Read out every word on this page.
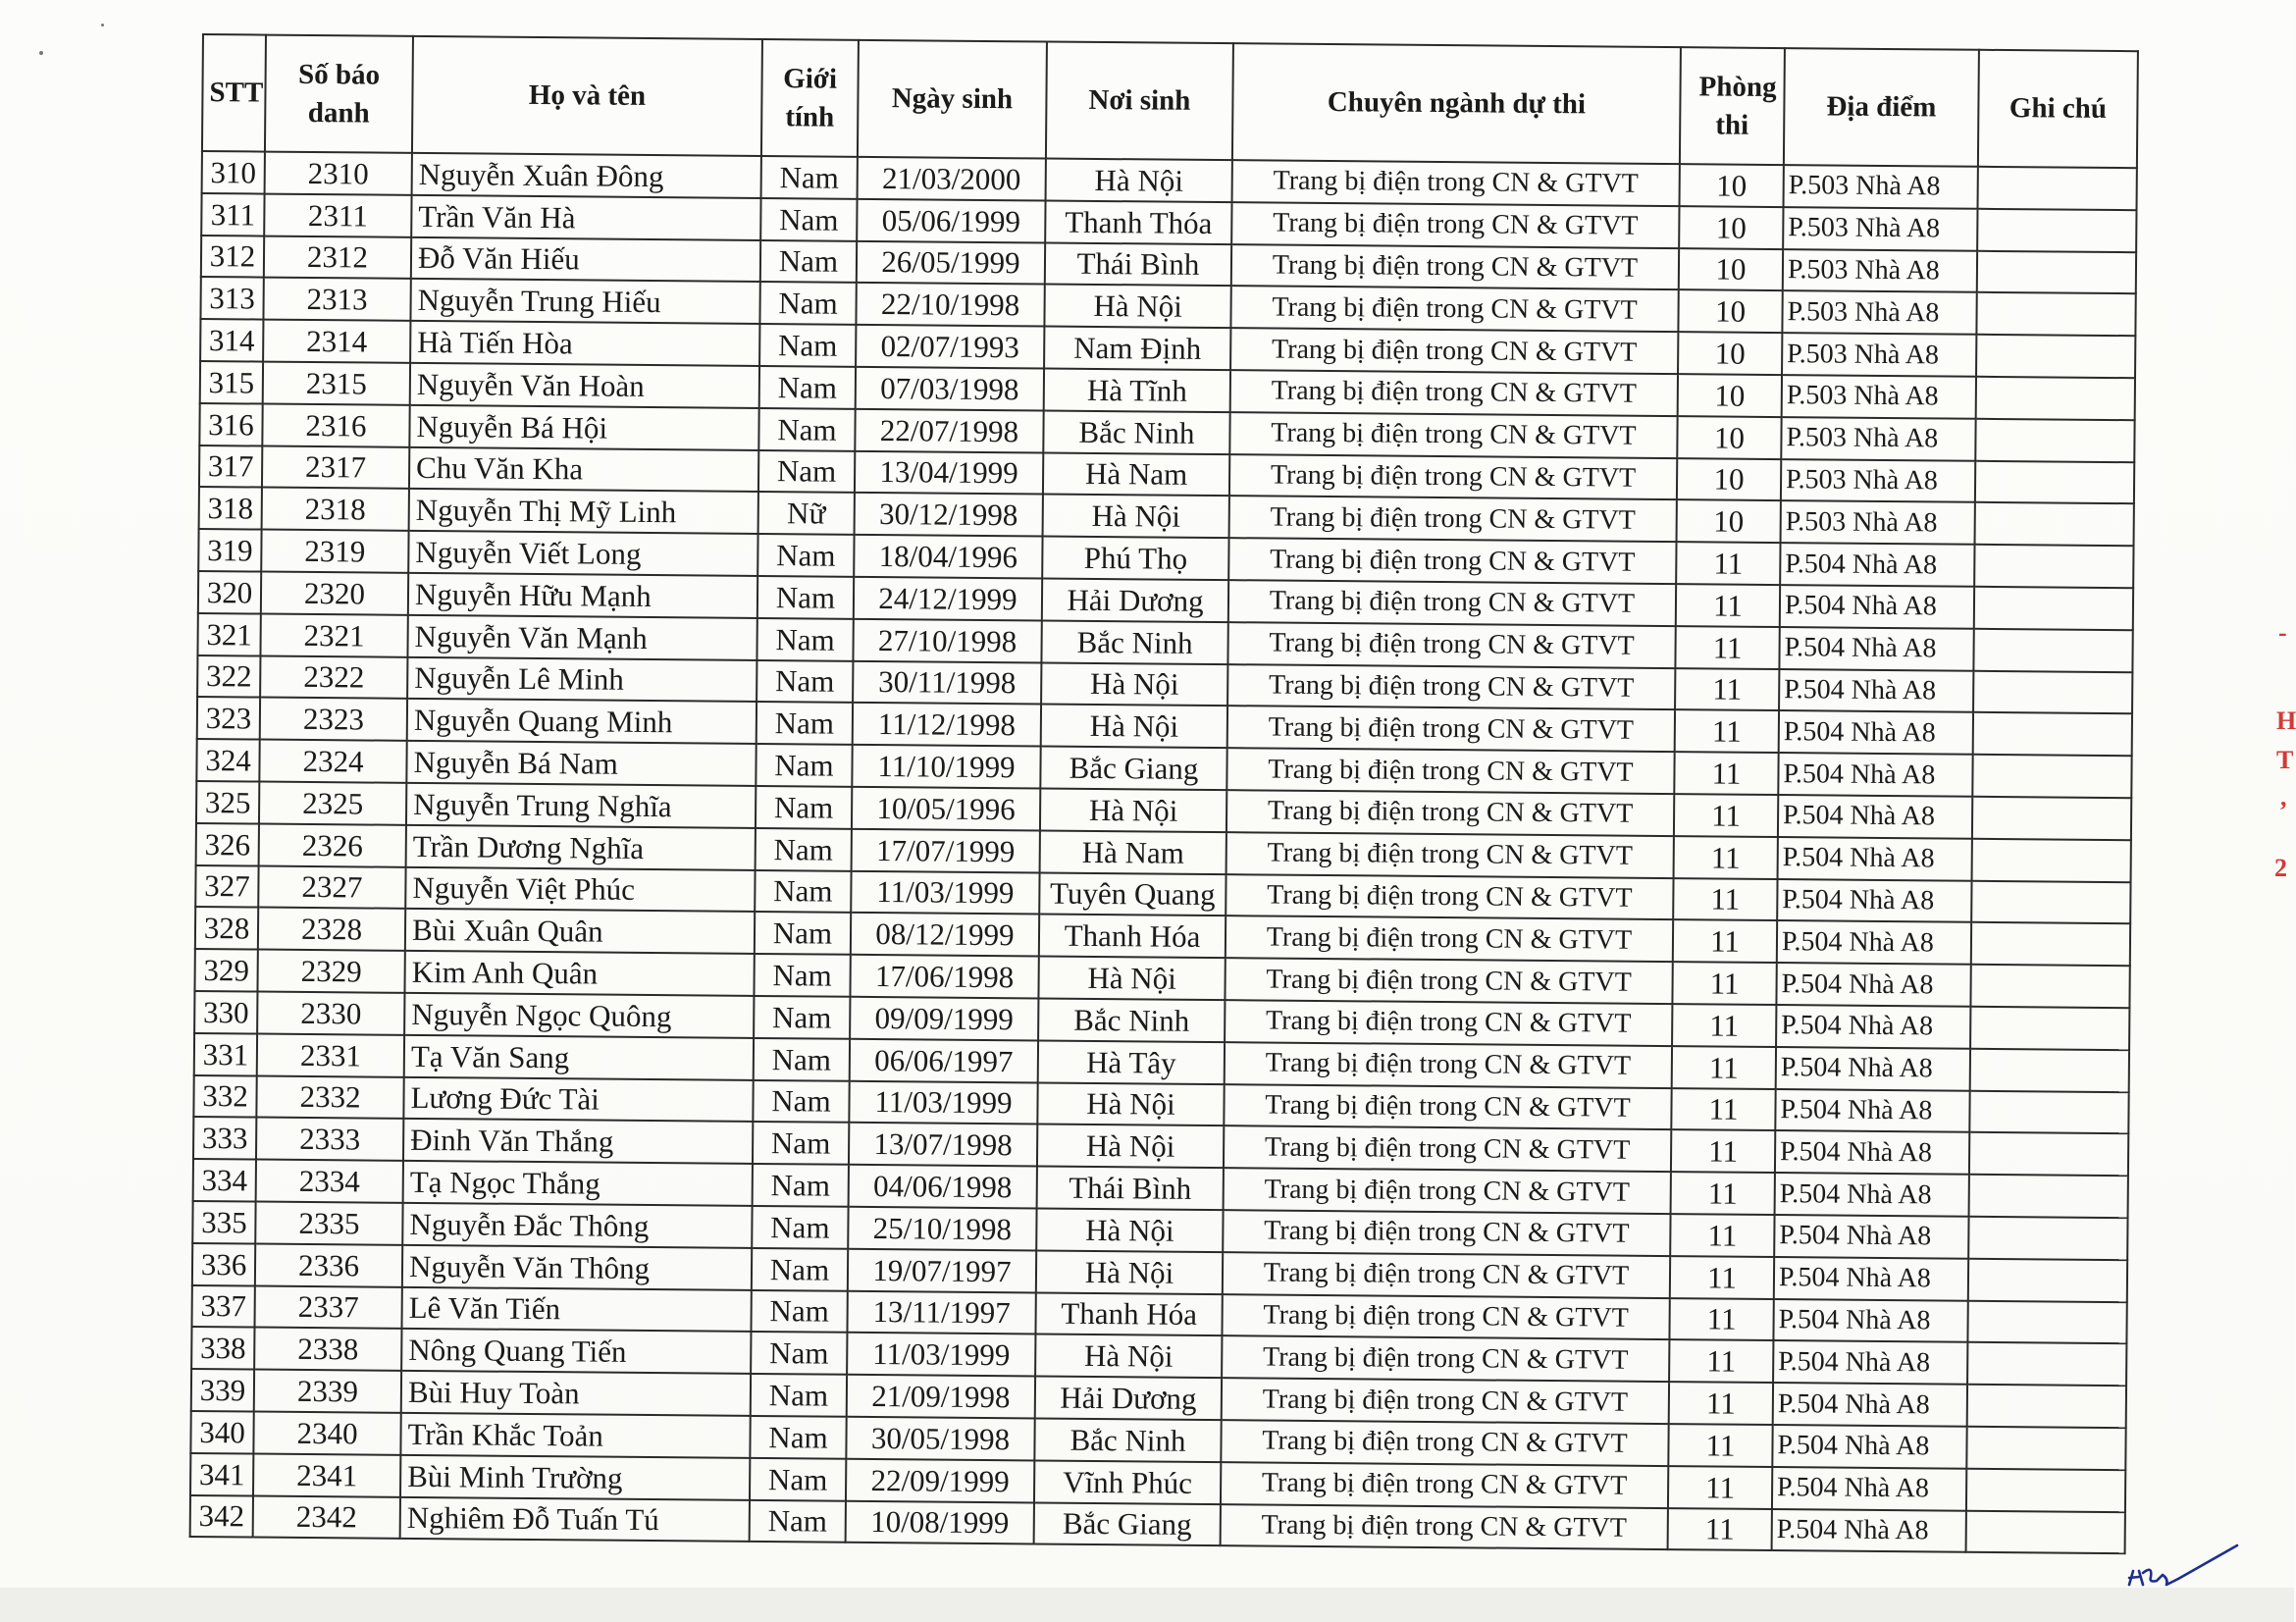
STT	Số báo danh	Họ và tên	Giới tính	Ngày sinh	Nơi sinh	Chuyên ngành dự thi	Phòng thi	Địa điểm	Ghi chú
310	2310	Nguyễn Xuân Đông	Nam	21/03/2000	Hà Nội	Trang bị điện trong CN & GTVT	10	P.503 Nhà A8	
311	2311	Trần Văn Hà	Nam	05/06/1999	Thanh Thóa	Trang bị điện trong CN & GTVT	10	P.503 Nhà A8	
312	2312	Đỗ Văn Hiếu	Nam	26/05/1999	Thái Bình	Trang bị điện trong CN & GTVT	10	P.503 Nhà A8	
313	2313	Nguyễn Trung Hiếu	Nam	22/10/1998	Hà Nội	Trang bị điện trong CN & GTVT	10	P.503 Nhà A8	
314	2314	Hà Tiến Hòa	Nam	02/07/1993	Nam Định	Trang bị điện trong CN & GTVT	10	P.503 Nhà A8	
315	2315	Nguyễn Văn Hoàn	Nam	07/03/1998	Hà Tĩnh	Trang bị điện trong CN & GTVT	10	P.503 Nhà A8	
316	2316	Nguyễn Bá Hội	Nam	22/07/1998	Bắc Ninh	Trang bị điện trong CN & GTVT	10	P.503 Nhà A8	
317	2317	Chu Văn Kha	Nam	13/04/1999	Hà Nam	Trang bị điện trong CN & GTVT	10	P.503 Nhà A8	
318	2318	Nguyễn Thị Mỹ Linh	Nữ	30/12/1998	Hà Nội	Trang bị điện trong CN & GTVT	10	P.503 Nhà A8	
319	2319	Nguyễn Viết Long	Nam	18/04/1996	Phú Thọ	Trang bị điện trong CN & GTVT	11	P.504 Nhà A8	
320	2320	Nguyễn Hữu Mạnh	Nam	24/12/1999	Hải Dương	Trang bị điện trong CN & GTVT	11	P.504 Nhà A8	
321	2321	Nguyễn Văn Mạnh	Nam	27/10/1998	Bắc Ninh	Trang bị điện trong CN & GTVT	11	P.504 Nhà A8	
322	2322	Nguyễn Lê Minh	Nam	30/11/1998	Hà Nội	Trang bị điện trong CN & GTVT	11	P.504 Nhà A8	
323	2323	Nguyễn Quang Minh	Nam	11/12/1998	Hà Nội	Trang bị điện trong CN & GTVT	11	P.504 Nhà A8	
324	2324	Nguyễn Bá Nam	Nam	11/10/1999	Bắc Giang	Trang bị điện trong CN & GTVT	11	P.504 Nhà A8	
325	2325	Nguyễn Trung Nghĩa	Nam	10/05/1996	Hà Nội	Trang bị điện trong CN & GTVT	11	P.504 Nhà A8	
326	2326	Trần Dương Nghĩa	Nam	17/07/1999	Hà Nam	Trang bị điện trong CN & GTVT	11	P.504 Nhà A8	
327	2327	Nguyễn Việt Phúc	Nam	11/03/1999	Tuyên Quang	Trang bị điện trong CN & GTVT	11	P.504 Nhà A8	
328	2328	Bùi Xuân Quân	Nam	08/12/1999	Thanh Hóa	Trang bị điện trong CN & GTVT	11	P.504 Nhà A8	
329	2329	Kim Anh Quân	Nam	17/06/1998	Hà Nội	Trang bị điện trong CN & GTVT	11	P.504 Nhà A8	
330	2330	Nguyễn Ngọc Quông	Nam	09/09/1999	Bắc Ninh	Trang bị điện trong CN & GTVT	11	P.504 Nhà A8	
331	2331	Tạ Văn Sang	Nam	06/06/1997	Hà Tây	Trang bị điện trong CN & GTVT	11	P.504 Nhà A8	
332	2332	Lương Đức Tài	Nam	11/03/1999	Hà Nội	Trang bị điện trong CN & GTVT	11	P.504 Nhà A8	
333	2333	Đinh Văn Thắng	Nam	13/07/1998	Hà Nội	Trang bị điện trong CN & GTVT	11	P.504 Nhà A8	
334	2334	Tạ Ngọc Thắng	Nam	04/06/1998	Thái Bình	Trang bị điện trong CN & GTVT	11	P.504 Nhà A8	
335	2335	Nguyễn Đắc Thông	Nam	25/10/1998	Hà Nội	Trang bị điện trong CN & GTVT	11	P.504 Nhà A8	
336	2336	Nguyễn Văn Thông	Nam	19/07/1997	Hà Nội	Trang bị điện trong CN & GTVT	11	P.504 Nhà A8	
337	2337	Lê Văn Tiến	Nam	13/11/1997	Thanh Hóa	Trang bị điện trong CN & GTVT	11	P.504 Nhà A8	
338	2338	Nông Quang Tiến	Nam	11/03/1999	Hà Nội	Trang bị điện trong CN & GTVT	11	P.504 Nhà A8	
339	2339	Bùi Huy Toàn	Nam	21/09/1998	Hải Dương	Trang bị điện trong CN & GTVT	11	P.504 Nhà A8	
340	2340	Trần Khắc Toản	Nam	30/05/1998	Bắc Ninh	Trang bị điện trong CN & GTVT	11	P.504 Nhà A8	
341	2341	Bùi Minh Trường	Nam	22/09/1999	Vĩnh Phúc	Trang bị điện trong CN & GTVT	11	P.504 Nhà A8	
342	2342	Nghiêm Đỗ Tuấn Tú	Nam	10/08/1999	Bắc Giang	Trang bị điện trong CN & GTVT	11	P.504 Nhà A8	
-
H
T
,
2
